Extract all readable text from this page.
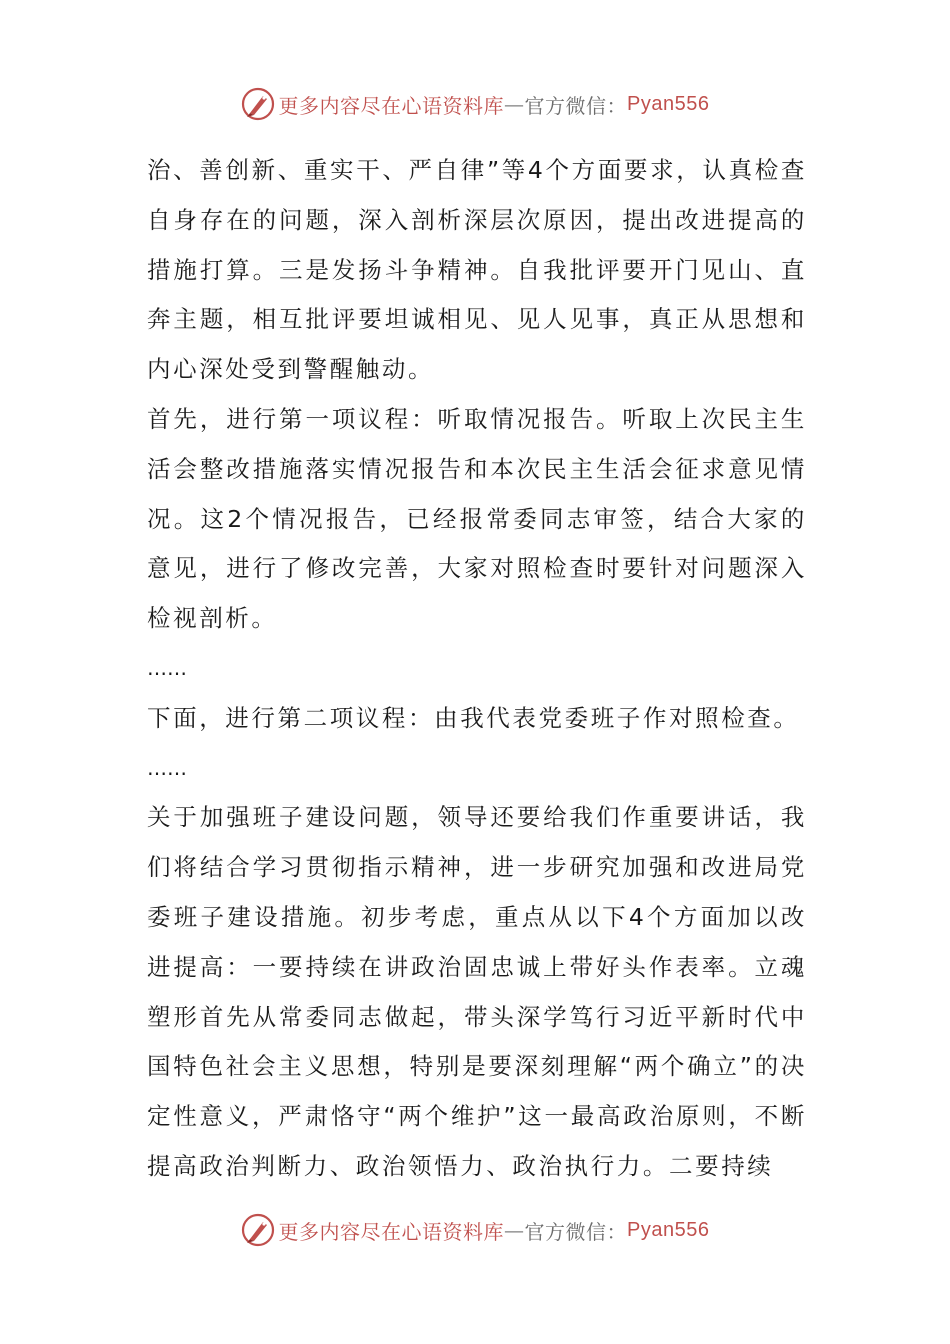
更多内容尽在心语资料库 — 官方微信： Pyan556

治、善创新、重实干、严自律”等4个方面要求，认真检查自身存在的问题，深入剖析深层次原因，提出改进提高的措施打算。三是发扬斗争精神。自我批评要开门见山、直奔主题，相互批评要坦诚相见、见人见事，真正从思想和内心深处受到警醒触动。

首先，进行第一项议程：听取情况报告。听取上次民主生活会整改措施落实情况报告和本次民主生活会征求意见情况。这2个情况报告，已经报常委同志审签，结合大家的意见，进行了修改完善，大家对照检查时要针对问题深入检视剖析。

……

下面，进行第二项议程：由我代表党委班子作对照检查。

……

关于加强班子建设问题，领导还要给我们作重要讲话，我们将结合学习贯彻指示精神，进一步研究加强和改进局党委班子建设措施。初步考虑，重点从以下4个方面加以改进提高：一要持续在讲政治固忠诚上带好头作表率。立魂塑形首先从常委同志做起，带头深学笃行习近平新时代中国特色社会主义思想，特别是要深刻理解“两个确立”的决定性意义，严肃恪守“两个维护”这一最高政治原则，不断提高政治判断力、政治领悟力、政治执行力。二要持续

更多内容尽在心语资料库 — 官方微信： Pyan556
